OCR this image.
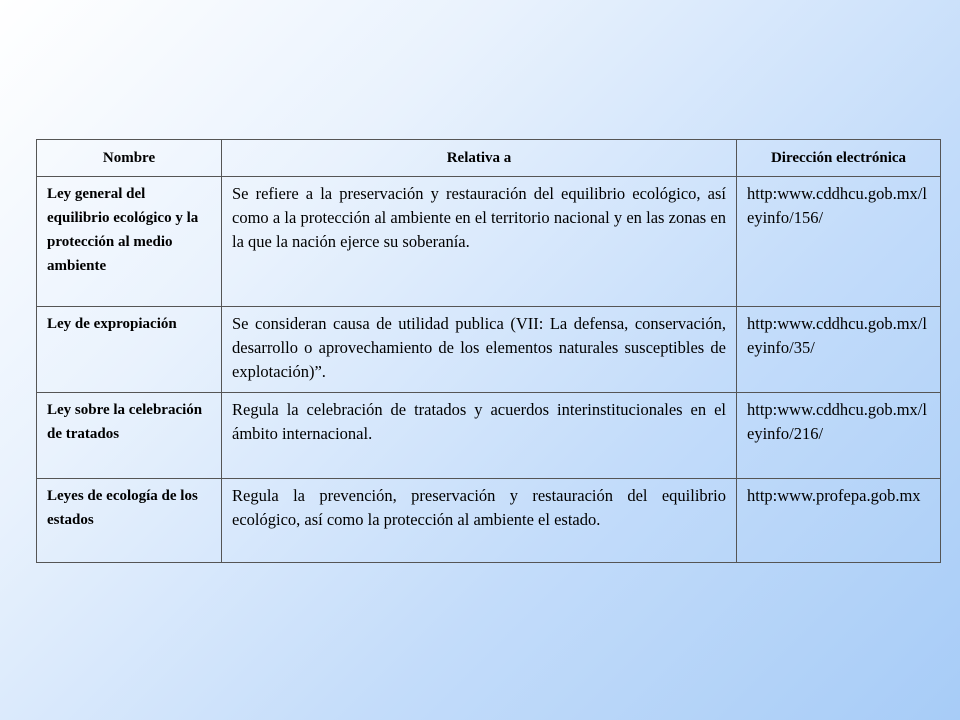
Nombre	Relativa a	Dirección electrónica
Ley general del equilibrio ecológico y la protección al medio ambiente	Se refiere a la preservación y restauración del equilibrio ecológico, así como a la protección al ambiente en el territorio nacional y en las zonas en la que la nación ejerce su soberanía.	http:www.cddhcu.gob.mx/leyinfo/156/
Ley de expropiación	Se consideran causa de utilidad publica (VII: La defensa, conservación, desarrollo o aprovechamiento de los elementos naturales susceptibles de explotación)”.	http:www.cddhcu.gob.mx/leyinfo/35/
Ley sobre la celebración de tratados	Regula la celebración de tratados y acuerdos interinstitucionales en el ámbito internacional.	http:www.cddhcu.gob.mx/leyinfo/216/
Leyes de ecología de los estados	Regula la prevención, preservación y restauración del equilibrio ecológico, así como la protección al ambiente el estado.	http:www.profepa.gob.mx
